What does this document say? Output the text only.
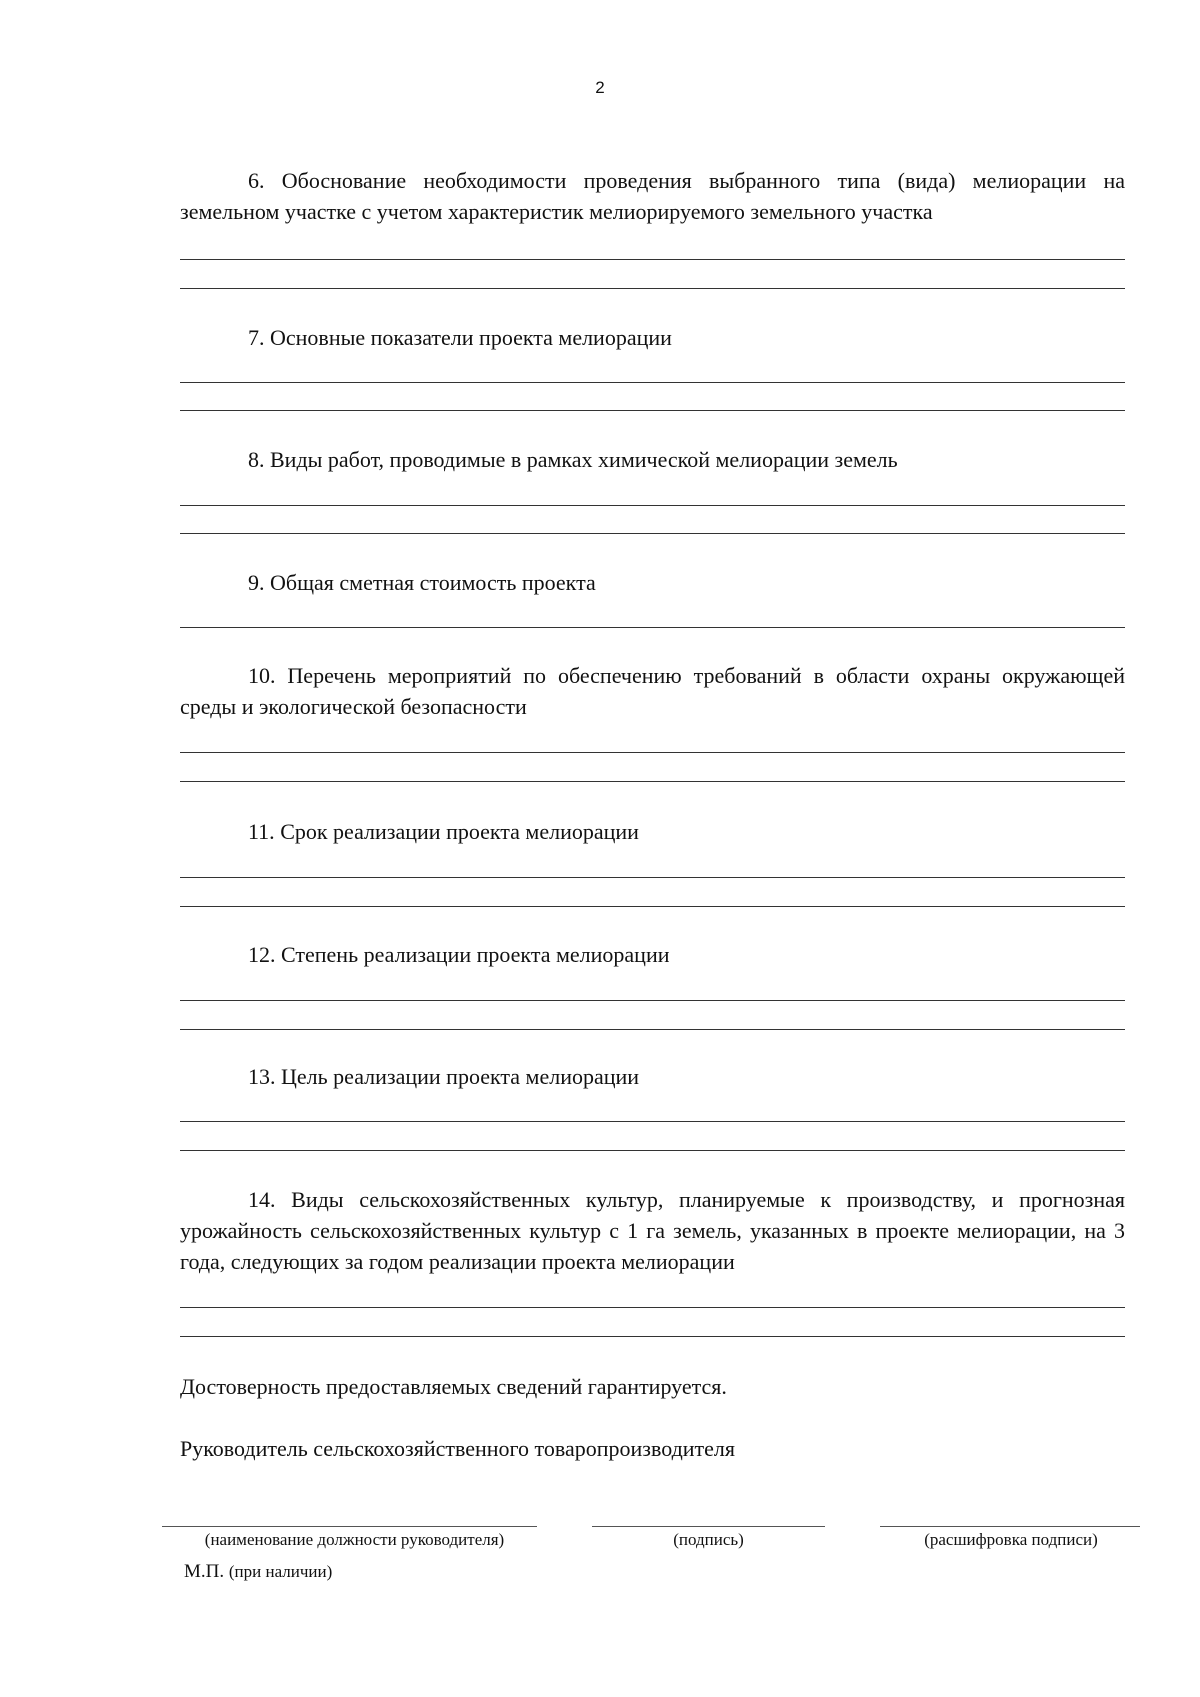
2

6. Обоснование необходимости проведения выбранного типа (вида) мелиорации на земельном участке с учетом характеристик мелиорируемого земельного участка

7. Основные показатели проекта мелиорации

8. Виды работ, проводимые в рамках химической мелиорации земель

9. Общая сметная стоимость проекта

10. Перечень мероприятий по обеспечению требований в области охраны окружающей среды и экологической безопасности

11. Срок реализации проекта мелиорации

12. Степень реализации проекта мелиорации

13. Цель реализации проекта мелиорации

14. Виды сельскохозяйственных культур, планируемые к производству, и прогнозная урожайность сельскохозяйственных культур с 1 га земель, указанных в проекте мелиорации, на 3 года, следующих за годом реализации проекта мелиорации

Достоверность предоставляемых сведений гарантируется.

Руководитель сельскохозяйственного товаропроизводителя

(наименование должности руководителя)	(подпись)	(расшифровка подписи)
М.П. (при наличии)
